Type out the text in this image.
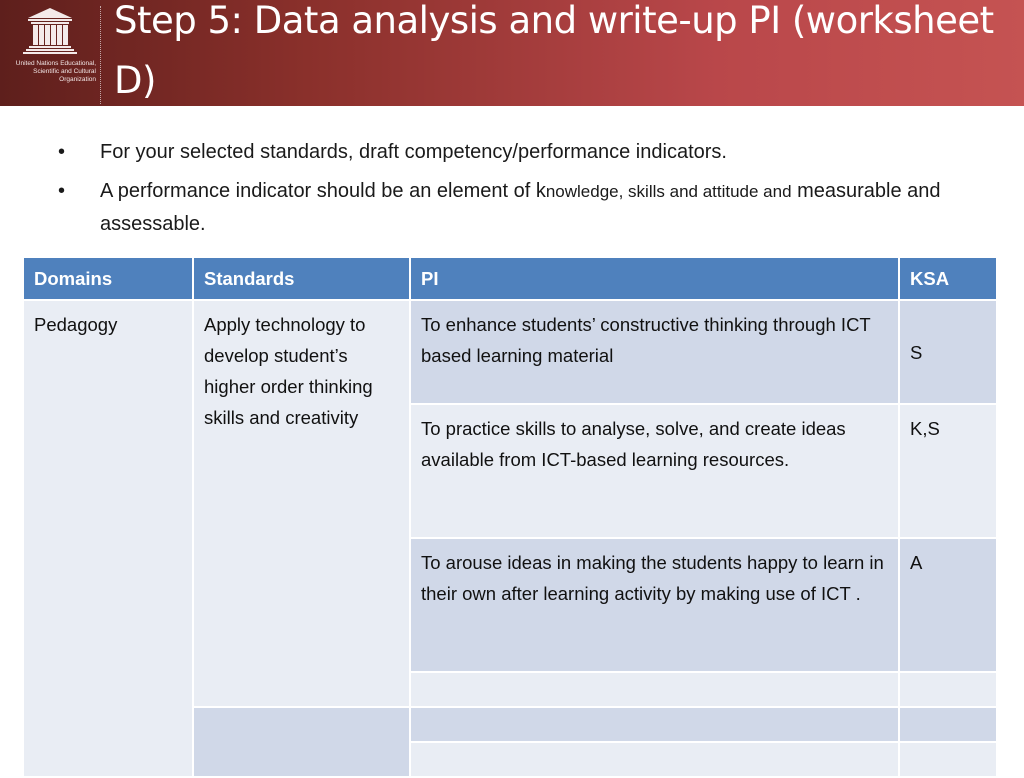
United Nations Educational, Scientific and Cultural Organization
Step 5: Data analysis and write-up PI (worksheet D)
• For your selected standards, draft competency/performance indicators.
• A performance indicator should be an element of knowledge, skills and attitude and measurable and assessable.
Domains	Standards	PI	KSA
Pedagogy	Apply technology to develop student’s higher order thinking skills and creativity	To enhance students’ constructive thinking through ICT based learning material	S
		To practice skills to analyse, solve, and create ideas available from ICT-based learning resources.	K,S
		To arouse ideas in making the students happy to learn in their own after learning activity by making use of ICT .	A
